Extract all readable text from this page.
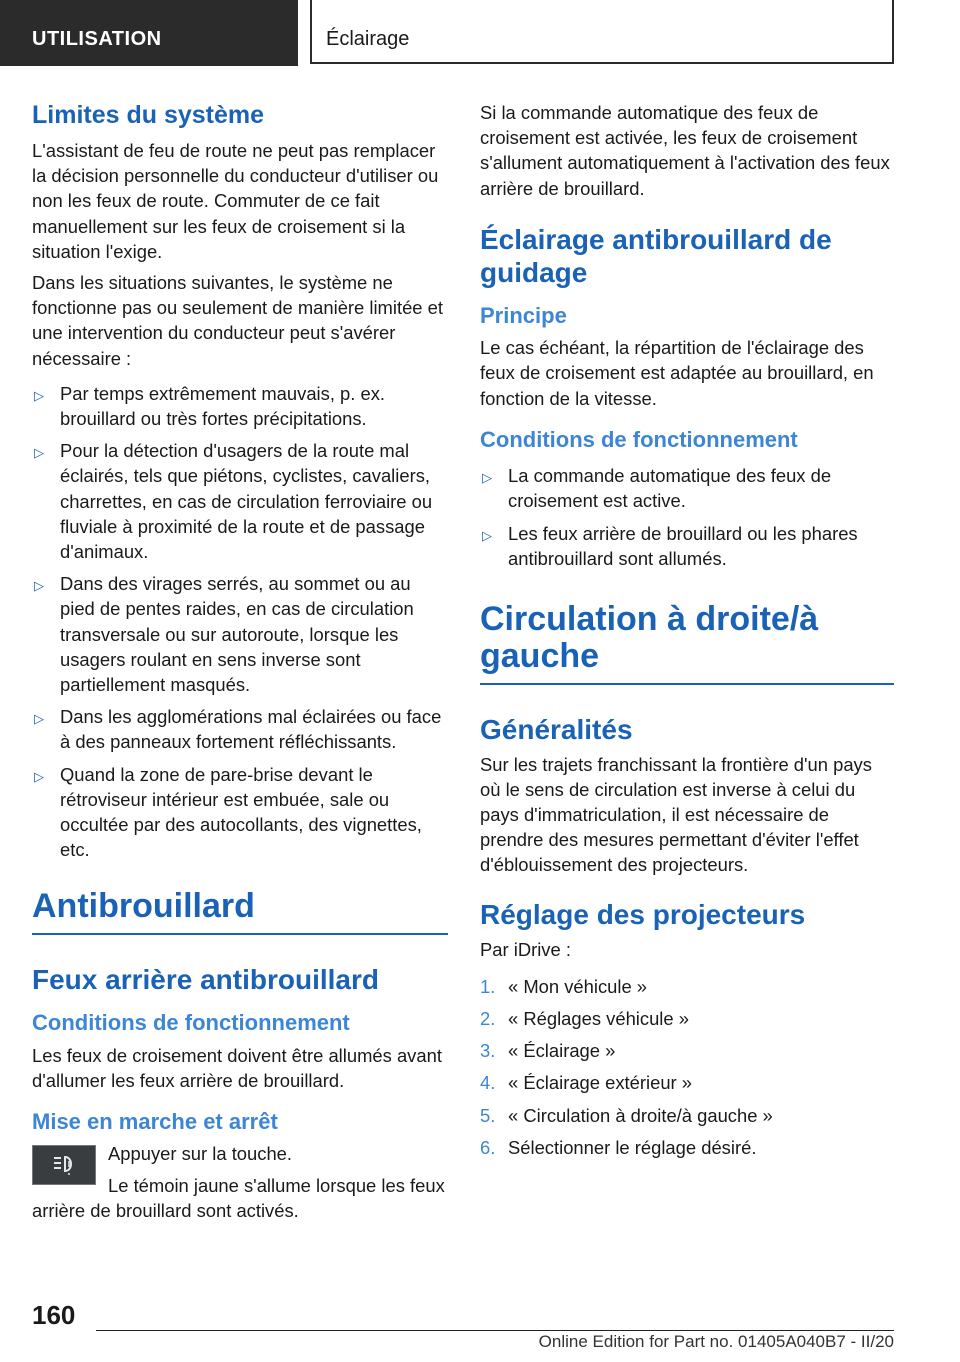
UTILISATION	Éclairage
Limites du système

L'assistant de feu de route ne peut pas remplacer la décision personnelle du conducteur d'utiliser ou non les feux de route. Commuter de ce fait manuellement sur les feux de croisement si la situation l'exige.

Dans les situations suivantes, le système ne fonctionne pas ou seulement de manière limitée et une intervention du conducteur peut s'avérer nécessaire :

▷ Par temps extrêmement mauvais, p. ex. brouillard ou très fortes précipitations.
▷ Pour la détection d'usagers de la route mal éclairés, tels que piétons, cyclistes, cavaliers, charrettes, en cas de circulation ferroviaire ou fluviale à proximité de la route et de passage d'animaux.
▷ Dans des virages serrés, au sommet ou au pied de pentes raides, en cas de circulation transversale ou sur autoroute, lorsque les usagers roulant en sens inverse sont partiellement masqués.
▷ Dans les agglomérations mal éclairées ou face à des panneaux fortement réfléchissants.
▷ Quand la zone de pare-brise devant le rétroviseur intérieur est embuée, sale ou occultée par des autocollants, des vignettes, etc.
Antibrouillard
Feux arrière antibrouillard
Conditions de fonctionnement

Les feux de croisement doivent être allumés avant d'allumer les feux arrière de brouillard.

Mise en marche et arrêt

Appuyer sur la touche.

Le témoin jaune s'allume lorsque les feux arrière de brouillard sont activés.

Si la commande automatique des feux de croisement est activée, les feux de croisement s'allument automatiquement à l'activation des feux arrière de brouillard.

Éclairage antibrouillard de guidage
Principe

Le cas échéant, la répartition de l'éclairage des feux de croisement est adaptée au brouillard, en fonction de la vitesse.

Conditions de fonctionnement
▷ La commande automatique des feux de croisement est active.
▷ Les feux arrière de brouillard ou les phares antibrouillard sont allumés.
Circulation à droite/à gauche
Généralités

Sur les trajets franchissant la frontière d'un pays où le sens de circulation est inverse à celui du pays d'immatriculation, il est nécessaire de prendre des mesures permettant d'éviter l'effet d'éblouissement des projecteurs.

Réglage des projecteurs

Par iDrive :

1. « Mon véhicule »
2. « Réglages véhicule »
3. « Éclairage »
4. « Éclairage extérieur »
5. « Circulation à droite/à gauche »
6. Sélectionner le réglage désiré.
160
Online Edition for Part no. 01405A040B7 - II/20
